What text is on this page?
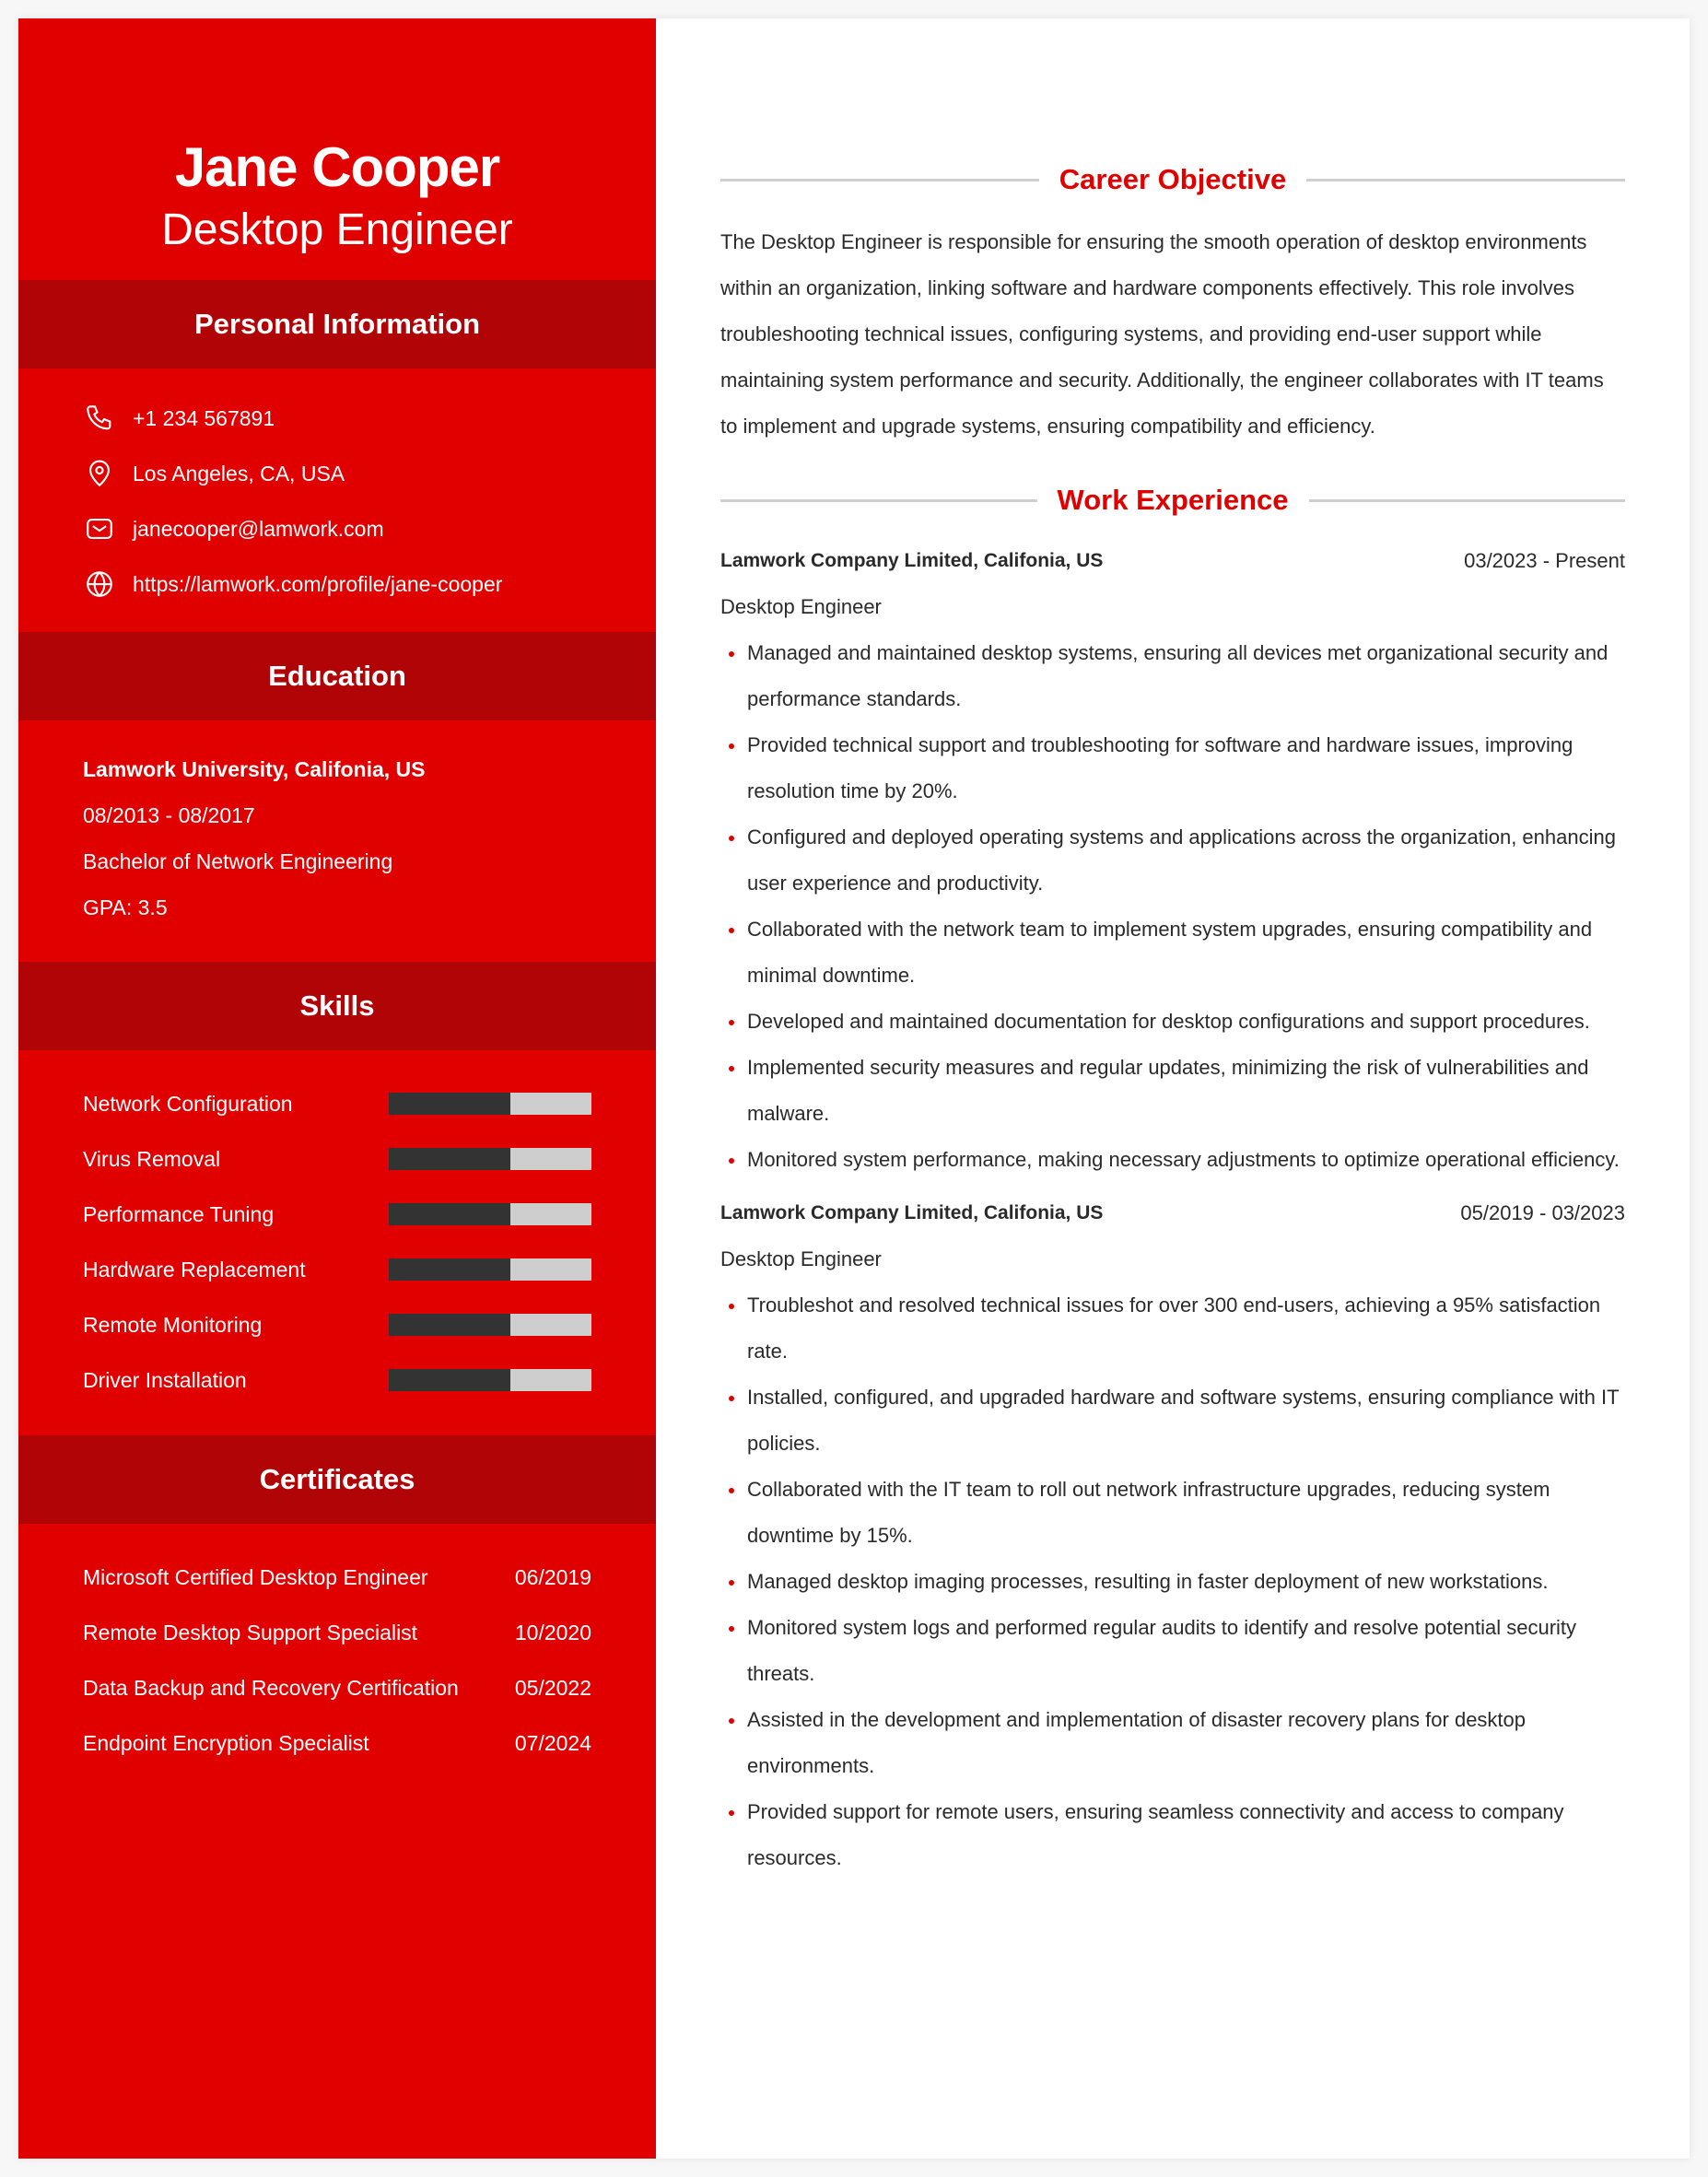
Jane Cooper
Desktop Engineer
Personal Information
+1 234 567891
Los Angeles, CA, USA
janecooper@lamwork.com
https://lamwork.com/profile/jane-cooper
Education
Lamwork University, Califonia, US
08/2013 - 08/2017
Bachelor of Network Engineering
GPA: 3.5
Skills
Network Configuration
Virus Removal
Performance Tuning
Hardware Replacement
Remote Monitoring
Driver Installation
Certificates
Microsoft Certified Desktop Engineer	06/2019
Remote Desktop Support Specialist	10/2020
Data Backup and Recovery Certification	05/2022
Endpoint Encryption Specialist	07/2024
Career Objective

The Desktop Engineer is responsible for ensuring the smooth operation of desktop environments within an organization, linking software and hardware components effectively. This role involves troubleshooting technical issues, configuring systems, and providing end-user support while maintaining system performance and security. Additionally, the engineer collaborates with IT teams to implement and upgrade systems, ensuring compatibility and efficiency.

Work Experience
Lamwork Company Limited, Califonia, US	03/2023 - Present
Desktop Engineer
Managed and maintained desktop systems, ensuring all devices met organizational security and performance standards.
Provided technical support and troubleshooting for software and hardware issues, improving resolution time by 20%.
Configured and deployed operating systems and applications across the organization, enhancing user experience and productivity.
Collaborated with the network team to implement system upgrades, ensuring compatibility and minimal downtime.
Developed and maintained documentation for desktop configurations and support procedures.
Implemented security measures and regular updates, minimizing the risk of vulnerabilities and malware.
Monitored system performance, making necessary adjustments to optimize operational efficiency.
Lamwork Company Limited, Califonia, US	05/2019 - 03/2023
Desktop Engineer
Troubleshot and resolved technical issues for over 300 end-users, achieving a 95% satisfaction rate.
Installed, configured, and upgraded hardware and software systems, ensuring compliance with IT policies.
Collaborated with the IT team to roll out network infrastructure upgrades, reducing system downtime by 15%.
Managed desktop imaging processes, resulting in faster deployment of new workstations.
Monitored system logs and performed regular audits to identify and resolve potential security threats.
Assisted in the development and implementation of disaster recovery plans for desktop environments.
Provided support for remote users, ensuring seamless connectivity and access to company resources.
